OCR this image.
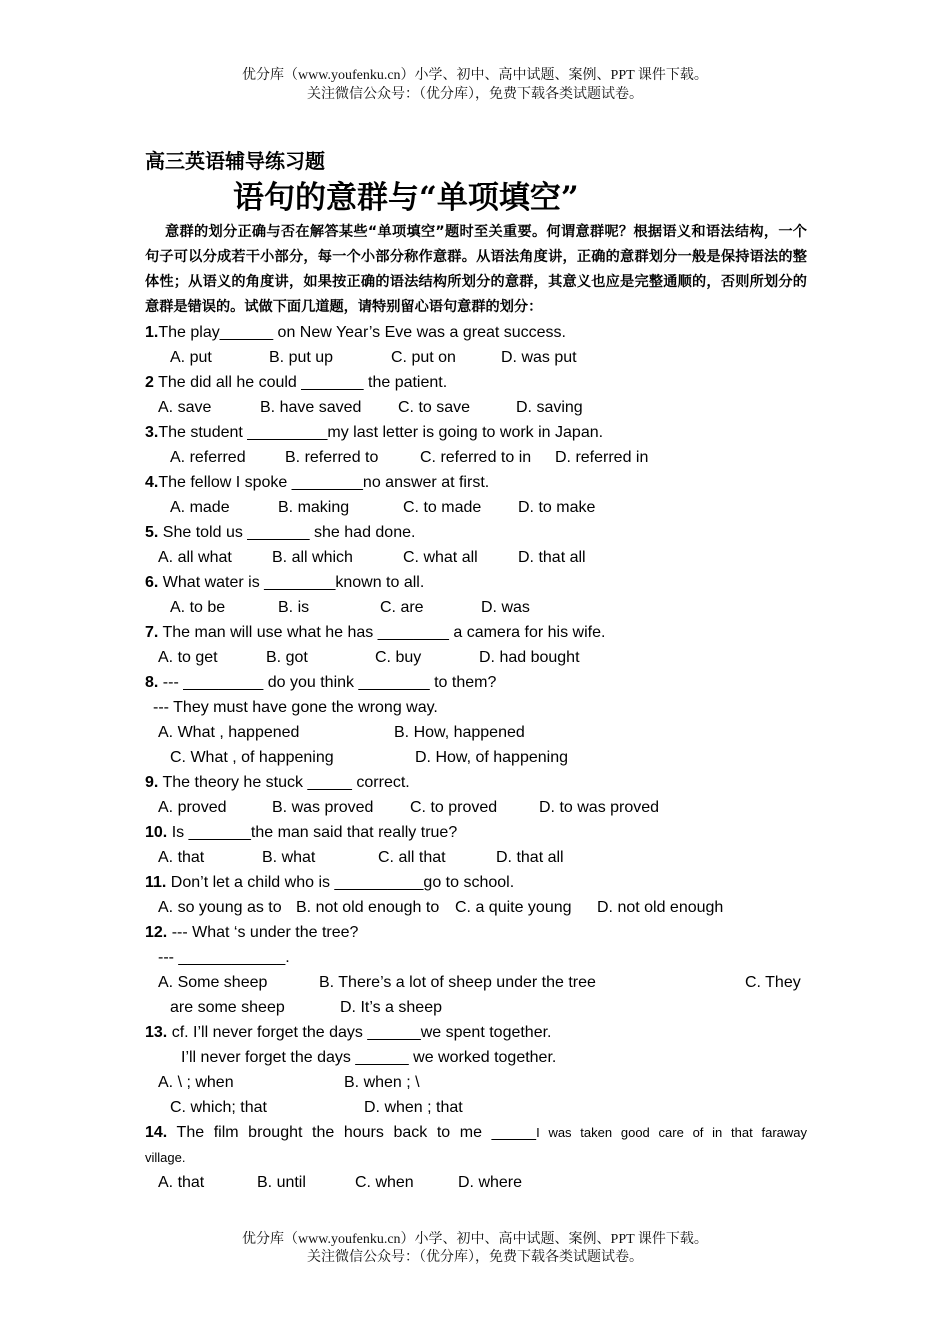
优分库（www.youfenku.cn）小学、初中、高中试题、案例、PPT 课件下载。
关注微信公众号：（优分库），免费下载各类试题试卷。
高三英语辅导练习题
语句的意群与“单项填空”

意群的划分正确与否在解答某些“单项填空”题时至关重要。何谓意群呢？根据语义和语法结构，一个句子可以分成若干小部分，每一个小部分称作意群。从语法角度讲，正确的意群划分一般是保持语法的整体性；从语义的角度讲，如果按正确的语法结构所划分的意群，其意义也应是完整通顺的，否则所划分的意群是错误的。试做下面几道题，请特别留心语句意群的划分：

1.The play______ on New Year’s Eve was a great success.
A. put	B. put up	C. put on	D. was put
2 The did all he could _______ the patient.
A. save	B. have saved C. to save	D. saving
3.The student _________my last letter is going to work in Japan.
A. referred B. referred to	C. referred to in D. referred in
4.The fellow I spoke ________no answer at first.
A. made	B. making	C. to made D. to make
5. She told us _______ she had done.
A. all what	B. all which	C. what all	D. that all
6. What water is ________known to all.
A. to be	B. is	C. are	D. was
7. The man will use what he has ________ a camera for his wife.
A. to get	B. got	C. buy	D. had bought
8. --- _________ do you think ________ to them?
--- They must have gone the wrong way.
A. What , happened	B. How, happened
C. What , of happening	D. How, of happening
9. The theory he stuck _____ correct.
A. proved	B. was proved C. to proved	D. to was proved
10. Is _______the man said that really true?
A. that	B. what	C. all that	D. that all
11. Don’t let a child who is __________go to school.
A. so young as to B. not old enough to C. a quite young D. not old enough
12. --- What ‘s under the tree?
--- ____________.
A. Some sheep	B. There’s a lot of sheep under the tree	C. They
are some sheep	D. It’s a sheep
13. cf. I’ll never forget the days ______we spent together.
I’ll never forget the days ______ we worked together.
A. \ ; when	B. when ; \
C. which; that	D. when ; that
14. The film brought the hours back to me _____I was taken good care of in that faraway
village.
A. that	B. until	C. when	D. where
优分库（www.youfenku.cn）小学、初中、高中试题、案例、PPT 课件下载。
关注微信公众号：（优分库），免费下载各类试题试卷。
